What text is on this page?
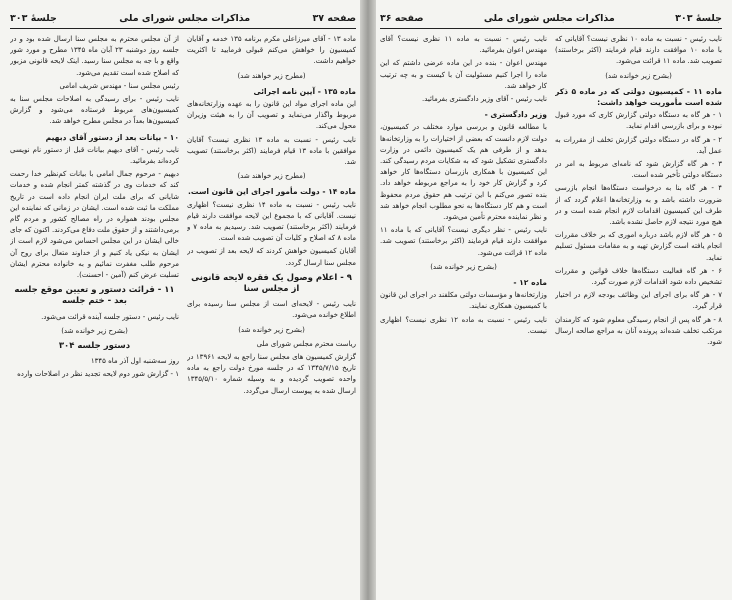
صفحه ۳۷
مذاکرات مجلس شورای ملی
جلسهٔ ۳۰۳

ماده ۱۳ - آقای میرزاعلی مکرم برنامه ۱۳۵ خدمه و آقایان کمیسیون را خواهش می‌کنم قبولی فرمایید تا اکثریت خواهیم داشت.

(مطرح زیر خواهند شد)

ماده ۱۳۵ - آیین نامه اجرائی

این ماده اجرای مواد این قانون را به عهده وزارتخانه‌های مربوط واگذار می‌نماید و تصویب آن را به هیئت وزیران محول می‌کند.

نایب رئیس - نسبت به ماده ۱۳ نظری نیست؟ آقایان موافقین با ماده ۱۳ قیام فرمایند (اکثر برخاستند) تصویب شد.

(مطرح زیر خواهند شد)

ماده ۱۴ - دولت مأمور اجرای این قانون است.

نایب رئیس - نسبت به ماده ۱۴ نظری نیست؟ اظهاری نیست. آقایانی که با مجموع این لایحه موافقت دارند قیام فرمایند (اکثر برخاستند) تصویب شد. رسیدیم به ماده ۷ و ماده ۸ که اصلاح و کلیات آن تصویب شده است.

آقایان کمیسیون خواهش کردند که لایحه بعد از تصویب در مجلس سنا ارسال گردد.

۹ - اعلام وصول یک فقره لایحه قانونی از مجلس سنا

نایب رئیس - لایحه‌ای است از مجلس سنا رسیده برای اطلاع خوانده می‌شود.

(بشرح زیر خوانده شد)

ریاست محترم مجلس شورای ملی

گزارش کمیسیون های مجلس سنا راجع به لایحه ۱۳۹۶۱ در تاریخ ۱۳۴۵/۷/۱۵ که در جلسه مورخ دولت راجع به ماده واحده تصویب گردیده و به وسیله شماره ۱۳۴۵/۵/۱۰ ارسال شده به پیوست ارسال می‌گردد.

از آن مجلس محترم به مجلس سنا ارسال شده بود و در جلسه روز دوشنبه ۲۳ آبان ماه ۱۳۴۵ مطرح و مورد شور واقع و با جه به مجلس سنا رسید. اینک لایحه قانونی مزبور که اصلاح شده است تقدیم می‌شود.

رئیس مجلس سنا - مهندس شریف امامی

نایب رئیس - برای رسیدگی به اصلاحات مجلس سنا به کمیسیون‌های مربوط فرستاده می‌شود و گزارش کمیسیون‌ها بعداً در مجلس مطرح خواهد شد.

۱۰ - بیانات بعد از دستور آقای دبهیم

نایب رئیس - آقای دبهیم بیانات قبل از دستور نام نویسی کرده‌اند بفرمائید.

دبهیم - مرحوم جمال امامی با بیانات کم‌نظیر خدا رحمت کند که خدمات وی در گذشته کمتر انجام شده و خدمات شایانی که برای ملت ایران انجام داده است در تاریخ مملکت ما ثبت شده است. ایشان در زمانی که نماینده این مجلس بودند همواره در راه مصالح کشور و مردم گام برمی‌داشتند و از حقوق ملت دفاع می‌کردند. اکنون که جای خالی ایشان در این مجلس احساس می‌شود لازم است از ایشان به نیکی یاد کنیم و از خداوند متعال برای روح آن مرحوم طلب مغفرت نمائیم و به خانواده محترم ایشان تسلیت عرض کنم (آمین - احسنت).

۱۱ - قرائت دستور و تعیین موقع جلسه بعد - ختم جلسه

نایب رئیس - دستور جلسه آینده قرائت می‌شود.

(بشرح زیر خوانده شد)

دستور جلسه ۳۰۴

روز سه‌شنبه اول آذر ماه ۱۳۴۵

۱ - گزارش شور دوم لایحه تجدید نظر در اصلاحات وارده

جلسهٔ ۳۰۳
مذاکرات مجلس شورای ملی
صفحه ۳۶

نایب رئیس - نسبت به ماده ۱۰ نظری نیست؟ آقایانی که با ماده ۱۰ موافقت دارند قیام فرمایند (اکثر برخاستند) تصویب شد. ماده ۱۱ قرائت می‌شود.

(بشرح زیر خوانده شد)

ماده ۱۱ - کمیسیون دولتی که در ماده ۵ ذکر شده است مأموریت خواهد داشت:

۱ - هر گاه به دستگاه دولتی گزارش کاری که مورد قبول نبوده و برای بازرسی اقدام نماید.

۲ - هر گاه در دستگاه دولتی گزارش تخلف از مقررات به عمل آید.

۳ - هر گاه گزارش شود که نامه‌ای مربوط به امر در دستگاه دولتی تأخیر شده است.

۴ - هر گاه بنا به درخواست دستگاه‌ها انجام بازرسی ضرورت داشته باشد و به وزارتخانه‌ها اعلام گردد که از طرف این کمیسیون اقدامات لازم انجام شده است و در هیچ مورد نتیجه لازم حاصل نشده باشد.

۵ - هر گاه لازم باشد درباره اموری که بر خلاف مقررات انجام یافته است گزارش تهیه و به مقامات مسئول تسلیم نماید.

۶ - هر گاه فعالیت دستگاه‌ها خلاف قوانین و مقررات تشخیص داده شود اقدامات لازم صورت گیرد.

۷ - هر گاه برای اجرای این وظائف بودجه لازم در اختیار قرار گیرد.

۸ - هر گاه پس از انجام رسیدگی معلوم شود که کارمندان مرتکب تخلف شده‌اند پرونده آنان به مراجع صالحه ارسال شود.

نایب رئیس - نسبت به ماده ۱۱ نظری نیست؟ آقای مهندس اعوان بفرمائید.

مهندس اعوان - بنده در این ماده عرضی داشتم که این ماده را اجرا کنیم مسئولیت آن با کیست و به چه ترتیب کار خواهد شد.

نایب رئیس - آقای وزیر دادگستری بفرمائید.

وزیر دادگستری -

با مطالعه قانون و بررسی موارد مختلف در کمیسیون، دولت لازم دانست که بعضی از اختیارات را به وزارتخانه‌ها بدهد و از طرفی هم یک کمیسیون دائمی در وزارت دادگستری تشکیل شود که به شکایات مردم رسیدگی کند. این کمیسیون با همکاری بازرسان دستگاه‌ها کار خواهد کرد و گزارش کار خود را به مراجع مربوطه خواهد داد. بنده تصور می‌کنم با این ترتیب هم حقوق مردم محفوظ است و هم کار دستگاه‌ها به نحو مطلوب انجام خواهد شد و نظر نماینده محترم تأمین می‌شود.

نایب رئیس - نظر دیگری نیست؟ آقایانی که با ماده ۱۱ موافقت دارند قیام فرمایند (اکثر برخاستند) تصویب شد. ماده ۱۲ قرائت می‌شود.

(بشرح زیر خوانده شد)

ماده ۱۲ -

وزارتخانه‌ها و مؤسسات دولتی مکلفند در اجرای این قانون با کمیسیون همکاری نمایند.

نایب رئیس - نسبت به ماده ۱۲ نظری نیست؟ اظهاری نیست.
